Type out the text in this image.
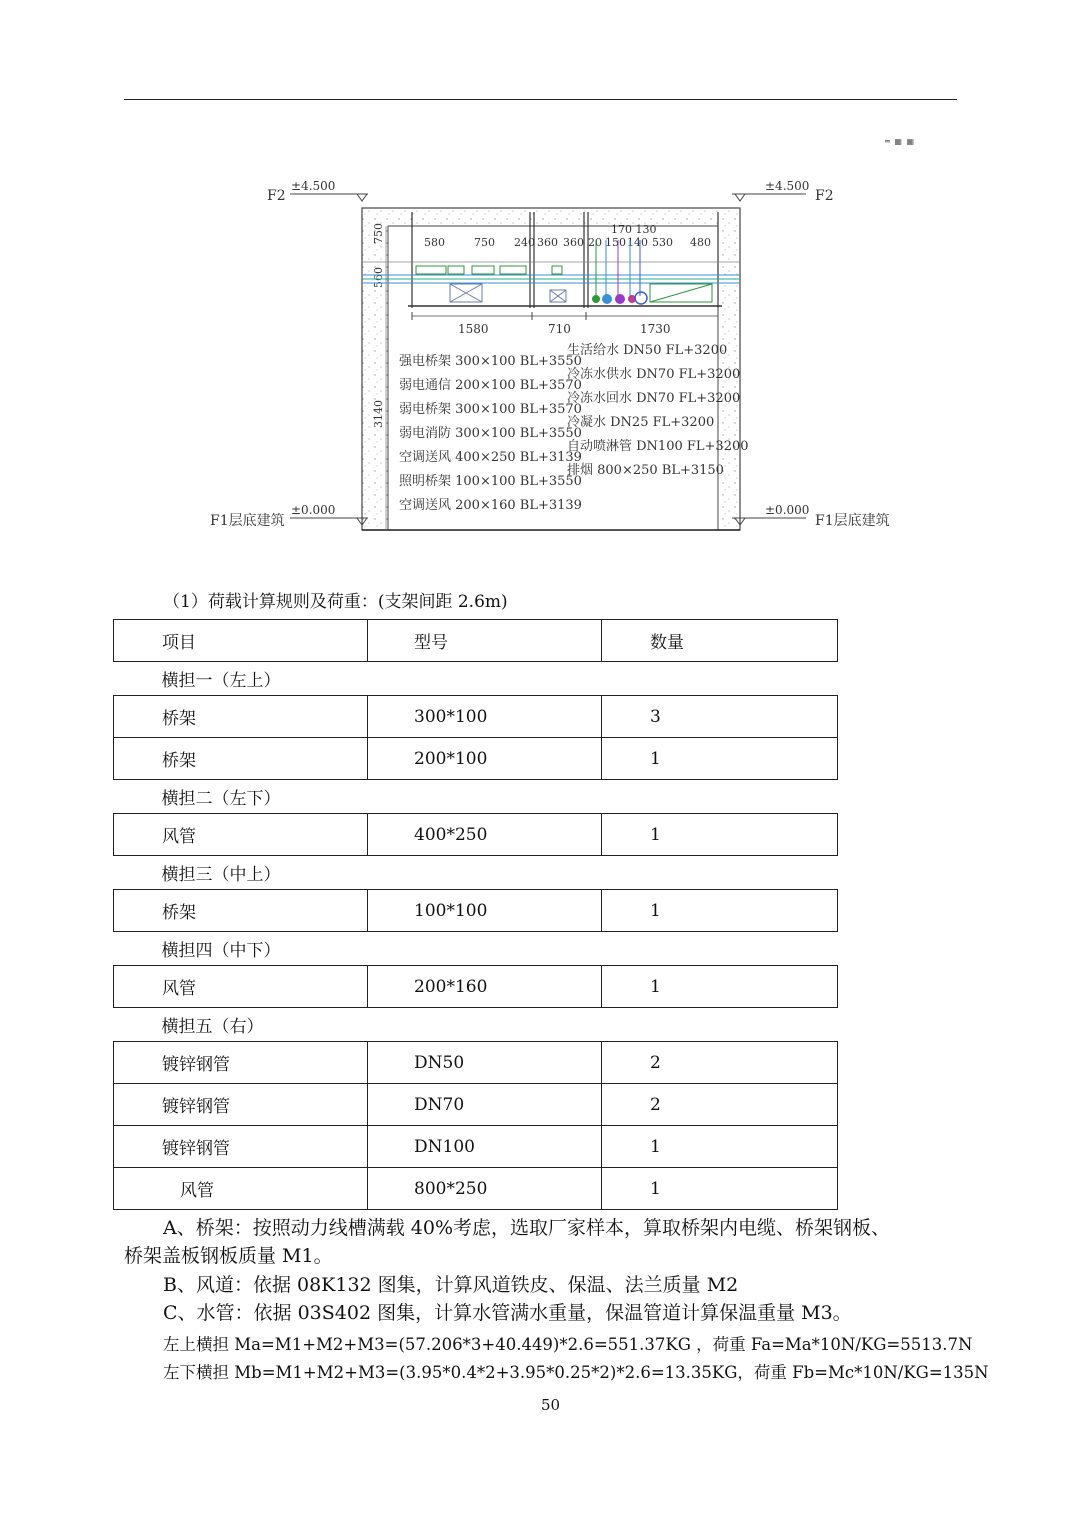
═ ▦ ▦
F2
±4.500	±4.500
F2
±0.000
F1层底建筑
±0.000
F1层底建筑
750
560
3140
170 130
580	750 240 360 360 20 150 140 530 480
1580	710	1730
强电桥架 300×100 BL+3550
弱电通信 200×100 BL+3570
弱电桥架 300×100 BL+3570
弱电消防 300×100 BL+3550
空调送风 400×250 BL+3139
照明桥架 100×100 BL+3550
空调送风 200×160 BL+3139
生活给水 DN50 FL+3200
冷冻水供水 DN70 FL+3200
冷冻水回水 DN70 FL+3200
冷凝水 DN25 FL+3200
自动喷淋管 DN100 FL+3200
排烟 800×250 BL+3150
（1）荷载计算规则及荷重：(支架间距 2.6m)
项目	型号	数量
横担一（左上）		
桥架	300*100	3
桥架	200*100	1
横担二（左下）		
风管	400*250	1
横担三（中上）		
桥架	100*100	1
横担四（中下）		
风管	200*160	1
横担五（右）		
镀锌钢管	DN50	2
镀锌钢管	DN70	2
镀锌钢管	DN100	1
风管	800*250	1
A、桥架：按照动力线槽满载 40%考虑，选取厂家样本，算取桥架内电缆、桥架钢板、
桥架盖板钢板质量 M1。
B、风道：依据 08K132 图集，计算风道铁皮、保温、法兰质量 M2
C、水管：依据 03S402 图集，计算水管满水重量，保温管道计算保温重量 M3。
左上横担 Ma=M1+M2+M3=(57.206*3+40.449)*2.6=551.37KG ，荷重 Fa=Ma*10N/KG=5513.7N
左下横担 Mb=M1+M2+M3=(3.95*0.4*2+3.95*0.25*2)*2.6=13.35KG，荷重 Fb=Mc*10N/KG=135N
50
